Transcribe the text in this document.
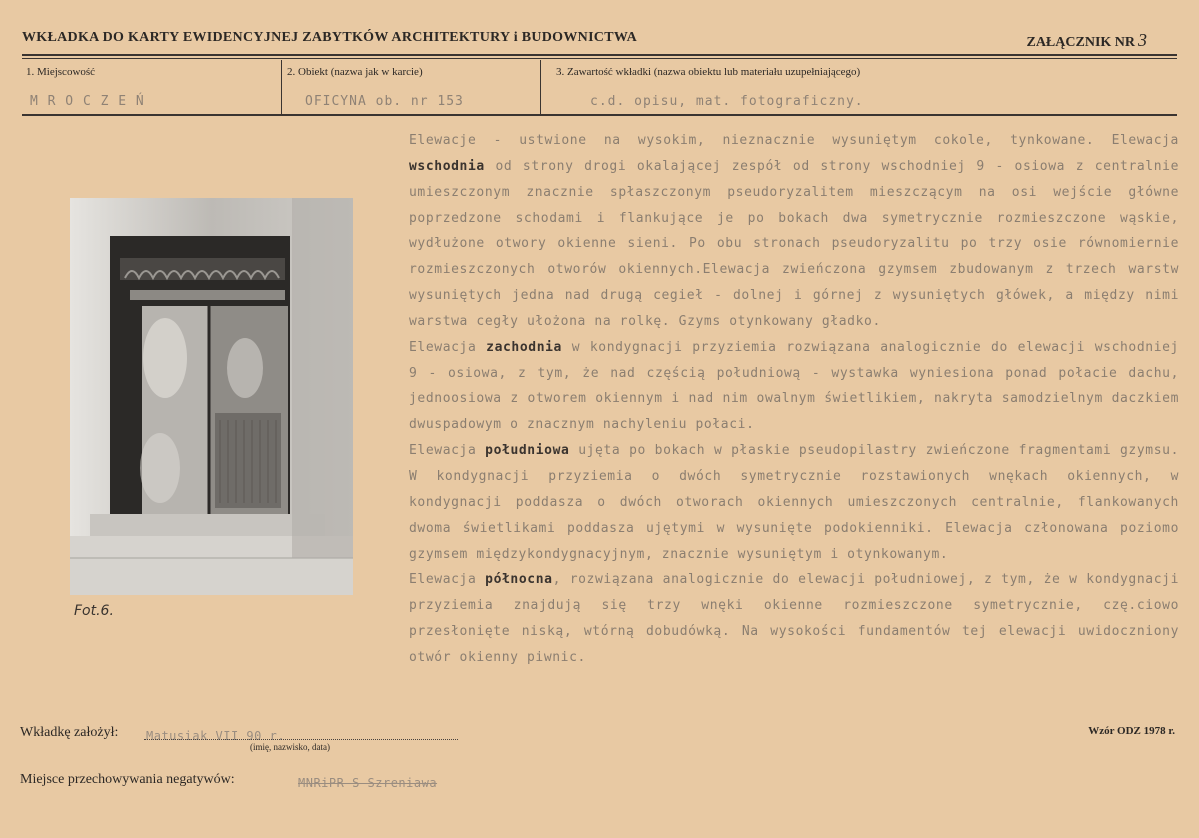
WKŁADKA DO KARTY EWIDENCYJNEJ ZABYTKÓW ARCHITEKTURY i BUDOWNICTWA	ZAŁĄCZNIK NR 3
1. Miejscowość	2. Obiekt (nazwa jak w karcie)	3. Zawartość wkładki (nazwa obiektu lub materiału uzupełniającego)
M R O C Z E Ń	OFICYNA ob. nr 153	c.d. opisu, mat. fotograficzny.
Fot.6.

Elewacje - ustwione na wysokim, nieznacznie wysuniętym cokole, tynkowane. Elewacja wschodnia od strony drogi okalającej zespół od strony wschodniej 9 - osiowa z centralnie umieszczonym znacznie spłaszczonym pseudoryzalitem mieszczącym na osi wejście główne poprzedzone schodami i flankujące je po bokach dwa symetrycznie rozmieszczone wąskie, wydłużone otwory okienne sieni. Po obu stronach pseudoryzalitu po trzy osie równomiernie rozmieszczonych otworów okiennych.Elewacja zwieńczona gzymsem zbudowanym z trzech warstw wysuniętych jedna nad drugą cegieł - dolnej i górnej z wysuniętych główek, a między nimi warstwa cegły ułożona na rolkę. Gzyms otynkowany gładko.

Elewacja zachodnia w kondygnacji przyziemia rozwiązana analogicznie do elewacji wschodniej 9 - osiowa, z tym, że nad częścią południową - wystawka wyniesiona ponad połacie dachu, jednoosiowa z otworem okiennym i nad nim owalnym świetlikiem, nakryta samodzielnym daczkiem dwuspadowym o znacznym nachyleniu połaci.

Elewacja południowa ujęta po bokach w płaskie pseudopilastry zwieńczone fragmentami gzymsu. W kondygnacji przyziemia o dwóch symetrycznie rozstawionych wnękach okiennych, w kondygnacji poddasza o dwóch otworach okiennych umieszczonych centralnie, flankowanych dwoma świetlikami poddasza ujętymi w wysunięte podokienniki. Elewacja członowana poziomo gzymsem międzykondygnacyjnym, znacznie wysuniętym i otynkowanym.

Elewacja północna, rozwiązana analogicznie do elewacji południowej, z tym, że w kondygnacji przyziemia znajdują się trzy wnęki okienne rozmieszczone symetrycznie, czę.ciowo przesłonięte niską, wtórną dobudówką. Na wysokości fundamentów tej elewacji uwidoczniony otwór okienny piwnic.

Wkładkę założył: Matusiak VII 90 r.
(imię, nazwisko, data)
Wzór ODZ 1978 r.
Miejsce przechowywania negatywów:	MNRiPR-S Szreniawa
